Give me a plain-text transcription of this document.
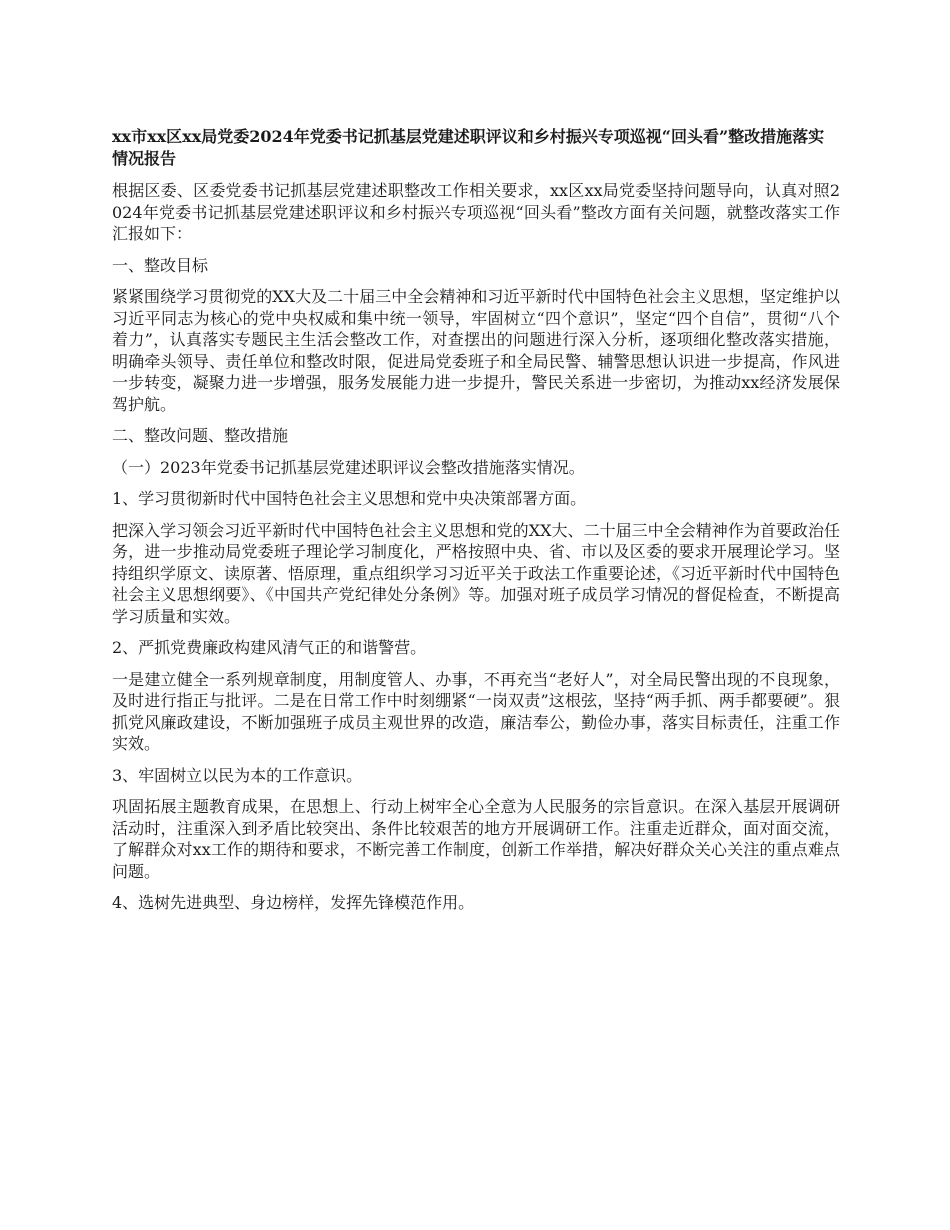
xx市xx区xx局党委2024年党委书记抓基层党建述职评议和乡村振兴专项巡视“回头看”整改措施落实情况报告

根据区委、区委党委书记抓基层党建述职整改工作相关要求，xx区xx局党委坚持问题导向，认真对照2024年党委书记抓基层党建述职评议和乡村振兴专项巡视“回头看”整改方面有关问题，就整改落实工作汇报如下：

一、整改目标

紧紧围绕学习贯彻党的XX大及二十届三中全会精神和习近平新时代中国特色社会主义思想，坚定维护以习近平同志为核心的党中央权威和集中统一领导，牢固树立“四个意识”，坚定“四个自信”，贯彻“八个着力”，认真落实专题民主生活会整改工作，对查摆出的问题进行深入分析，逐项细化整改落实措施，明确牵头领导、责任单位和整改时限，促进局党委班子和全局民警、辅警思想认识进一步提高，作风进一步转变，凝聚力进一步增强，服务发展能力进一步提升，警民关系进一步密切，为推动xx经济发展保驾护航。

二、整改问题、整改措施

（一）2023年党委书记抓基层党建述职评议会整改措施落实情况。

1、学习贯彻新时代中国特色社会主义思想和党中央决策部署方面。

把深入学习领会习近平新时代中国特色社会主义思想和党的XX大、二十届三中全会精神作为首要政治任务，进一步推动局党委班子理论学习制度化，严格按照中央、省、市以及区委的要求开展理论学习。坚持组织学原文、读原著、悟原理，重点组织学习习近平关于政法工作重要论述，《习近平新时代中国特色社会主义思想纲要》、《中国共产党纪律处分条例》等。加强对班子成员学习情况的督促检查，不断提高学习质量和实效。

2、严抓党费廉政构建风清气正的和谐警营。

一是建立健全一系列规章制度，用制度管人、办事，不再充当“老好人”，对全局民警出现的不良现象，及时进行指正与批评。二是在日常工作中时刻绷紧“一岗双责”这根弦，坚持“两手抓、两手都要硬”。狠抓党风廉政建设，不断加强班子成员主观世界的改造，廉洁奉公，勤俭办事，落实目标责任，注重工作实效。

3、牢固树立以民为本的工作意识。

巩固拓展主题教育成果，在思想上、行动上树牢全心全意为人民服务的宗旨意识。在深入基层开展调研活动时，注重深入到矛盾比较突出、条件比较艰苦的地方开展调研工作。注重走近群众，面对面交流，了解群众对xx工作的期待和要求，不断完善工作制度，创新工作举措，解决好群众关心关注的重点难点问题。

4、选树先进典型、身边榜样，发挥先锋模范作用。
